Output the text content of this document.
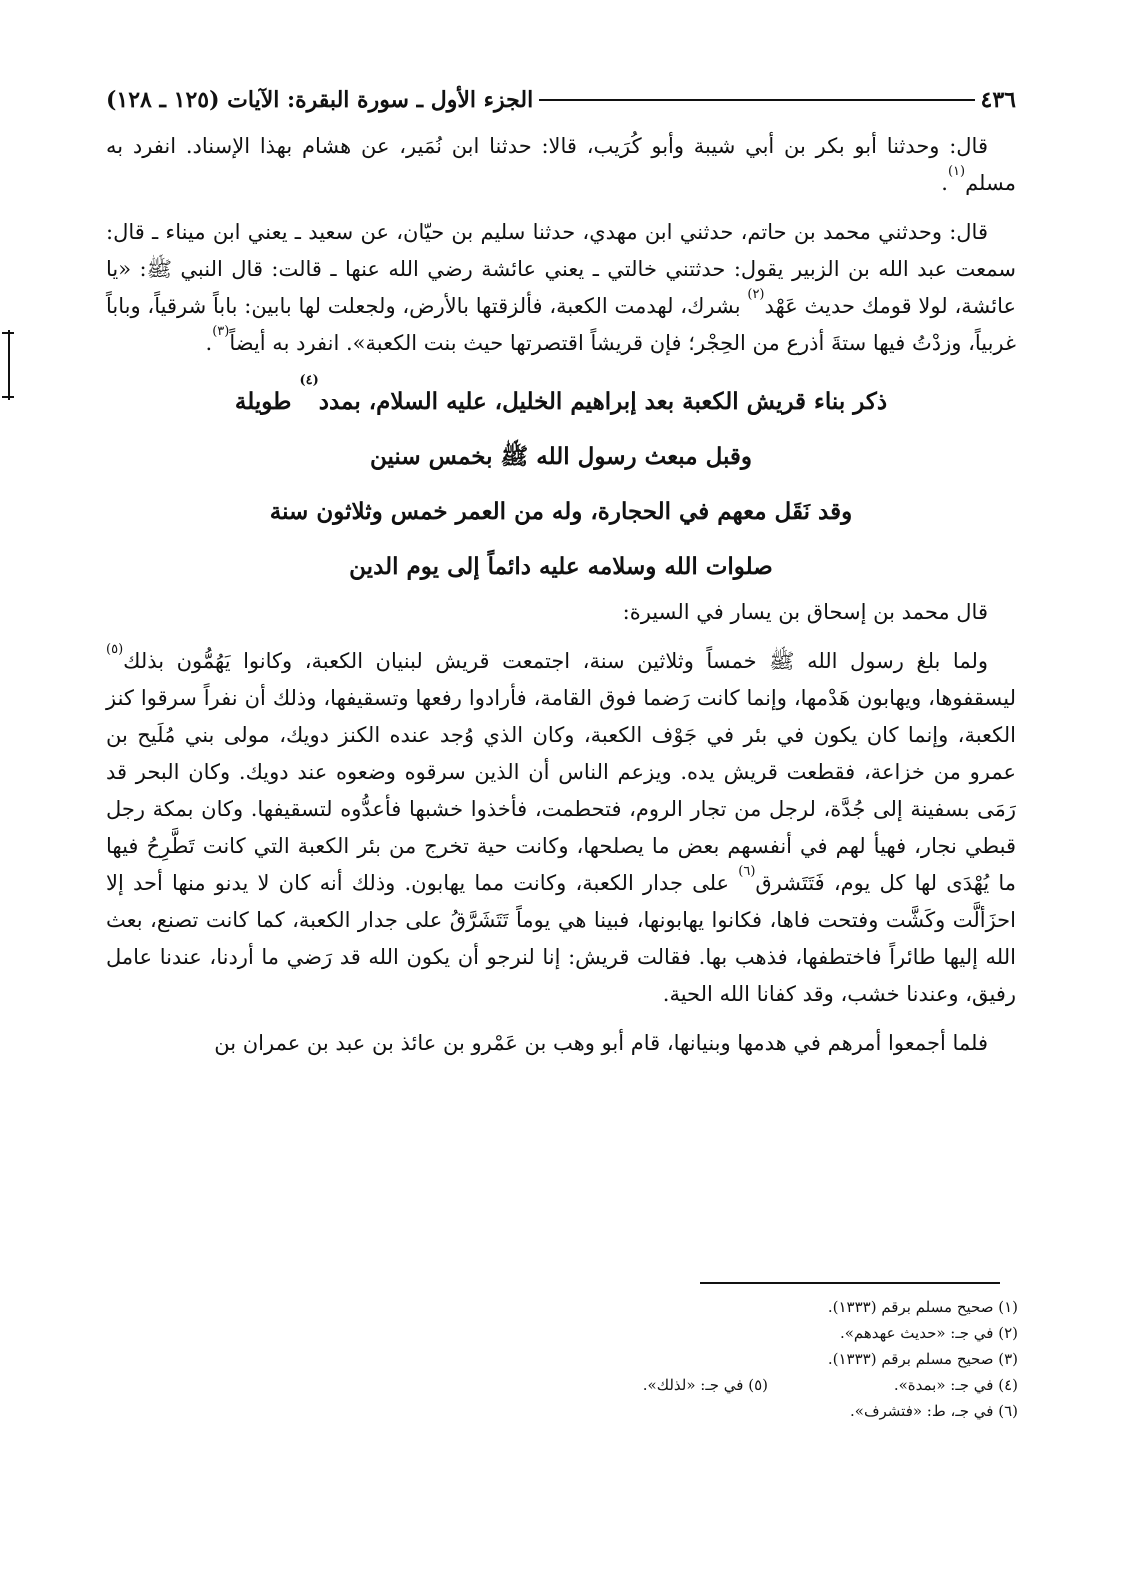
٤٣٦
الجزء الأول ـ سورة البقرة: الآيات (١٢٥ ـ ١٢٨)

قال: وحدثنا أبو بكر بن أبي شيبة وأبو كُرَيب، قالا: حدثنا ابن نُمَير، عن هشام بهذا الإسناد. انفرد به مسلم$^{(١)}$.

قال: وحدثني محمد بن حاتم، حدثني ابن مهدي، حدثنا سليم بن حيّان، عن سعيد ـ يعني ابن ميناء ـ قال: سمعت عبد الله بن الزبير يقول: حدثتني خالتي ـ يعني عائشة رضي الله عنها ـ قالت: قال النبي ﷺ: «يا عائشة، لولا قومك حديث عَهْد$^{(٢)}$ بشرك، لهدمت الكعبة، فألزقتها بالأرض، ولجعلت لها بابين: باباً شرقياً، وباباً غربياً، وزدْتُ فيها ستةَ أذرع من الحِجْر؛ فإن قريشاً اقتصرتها حيث بنت الكعبة». انفرد به أيضاً$^{(٣)}$.

ذكر بناء قريش الكعبة بعد إبراهيم الخليل، عليه السلام، بمدد$^{(٤)}$ طويلة
وقبل مبعث رسول الله ﷺ بخمس سنين
وقد نَقَل معهم في الحجارة، وله من العمر خمس وثلاثون سنة
صلوات الله وسلامه عليه دائماً إلى يوم الدين

قال محمد بن إسحاق بن يسار في السيرة:

ولما بلغ رسول الله ﷺ خمساً وثلاثين سنة، اجتمعت قريش لبنيان الكعبة، وكانوا يَهُمُّون بذلك$^{(٥)}$ ليسقفوها، ويهابون هَدْمها، وإنما كانت رَضما فوق القامة، فأرادوا رفعها وتسقيفها، وذلك أن نفراً سرقوا كنز الكعبة، وإنما كان يكون في بئر في جَوْف الكعبة، وكان الذي وُجد عنده الكنز دويك، مولى بني مُلَيح بن عمرو من خزاعة، فقطعت قريش يده. ويزعم الناس أن الذين سرقوه وضعوه عند دويك. وكان البحر قد رَمَى بسفينة إلى جُدَّة، لرجل من تجار الروم، فتحطمت، فأخذوا خشبها فأعدُّوه لتسقيفها. وكان بمكة رجل قبطي نجار، فهيأ لهم في أنفسهم بعض ما يصلحها، وكانت حية تخرج من بئر الكعبة التي كانت تَطَّرِحُ فيها ما يُهْدَى لها كل يوم، فَتَتَشرق$^{(٦)}$ على جدار الكعبة، وكانت مما يهابون. وذلك أنه كان لا يدنو منها أحد إلا احزَألَّت وكَشَّت وفتحت فاها، فكانوا يهابونها، فبينا هي يوماً تَتَشَرَّقُ على جدار الكعبة، كما كانت تصنع، بعث الله إليها طائراً فاختطفها، فذهب بها. فقالت قريش: إنا لنرجو أن يكون الله قد رَضي ما أردنا، عندنا عامل رفيق، وعندنا خشب، وقد كفانا الله الحية.

فلما أجمعوا أمرهم في هدمها وبنيانها، قام أبو وهب بن عَمْرو بن عائذ بن عبد بن عمران بن

(١) صحيح مسلم برقم (١٣٣٣).
(٢) في جـ: «حديث عهدهم».
(٣) صحيح مسلم برقم (١٣٣٣).
(٤) في جـ: «بمدة».
(٥) في جـ: «لذلك».
(٦) في جـ، ط: «فتشرف».
